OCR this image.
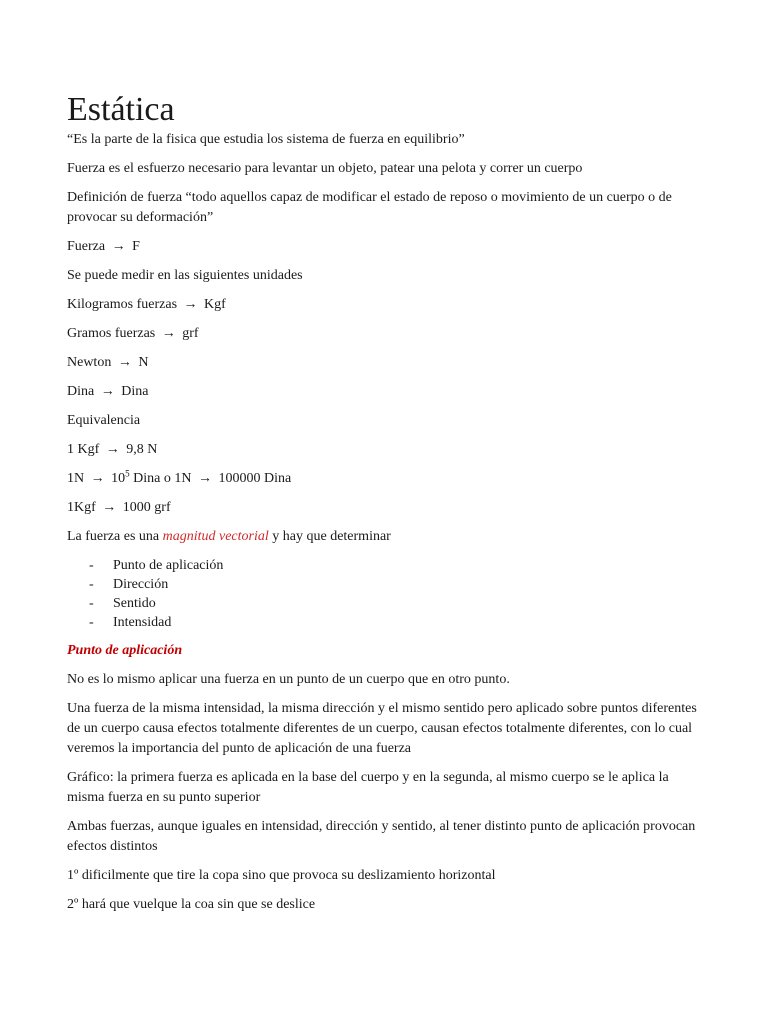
Estática

“Es la parte de la fisica que estudia los sistema de fuerza en equilibrio”

Fuerza es el esfuerzo necesario para levantar un objeto, patear una pelota y correr un cuerpo

Definición de fuerza “todo aquellos capaz de modificar el estado de reposo o movimiento de un cuerpo o de provocar su deformación”

Fuerza → F

Se puede medir en las siguientes unidades

Kilogramos fuerzas → Kgf

Gramos fuerzas → grf

Newton → N

Dina → Dina

Equivalencia

1 Kgf → 9,8 N

$1N \to 10^5$ Dina o 1N → 100000 Dina

1Kgf → 1000 grf

La fuerza es una magnitud vectorial y hay que determinar

-	Punto de aplicación
-	Dirección
-	Sentido
-	Intensidad

Punto de aplicación

No es lo mismo aplicar una fuerza en un punto de un cuerpo que en otro punto.

Una fuerza de la misma intensidad, la misma dirección y el mismo sentido pero aplicado sobre puntos diferentes de un cuerpo causa efectos totalmente diferentes de un cuerpo, causan efectos totalmente diferentes, con lo cual veremos la importancia del punto de aplicación de una fuerza

Gráfico: la primera fuerza es aplicada en la base del cuerpo y en la segunda, al mismo cuerpo se le aplica la misma fuerza en su punto superior

Ambas fuerzas, aunque iguales en intensidad, dirección y sentido, al tener distinto punto de aplicación provocan efectos distintos

1º dificilmente que tire la copa sino que provoca su deslizamiento horizontal

2º hará que vuelque la coa sin que se deslice
